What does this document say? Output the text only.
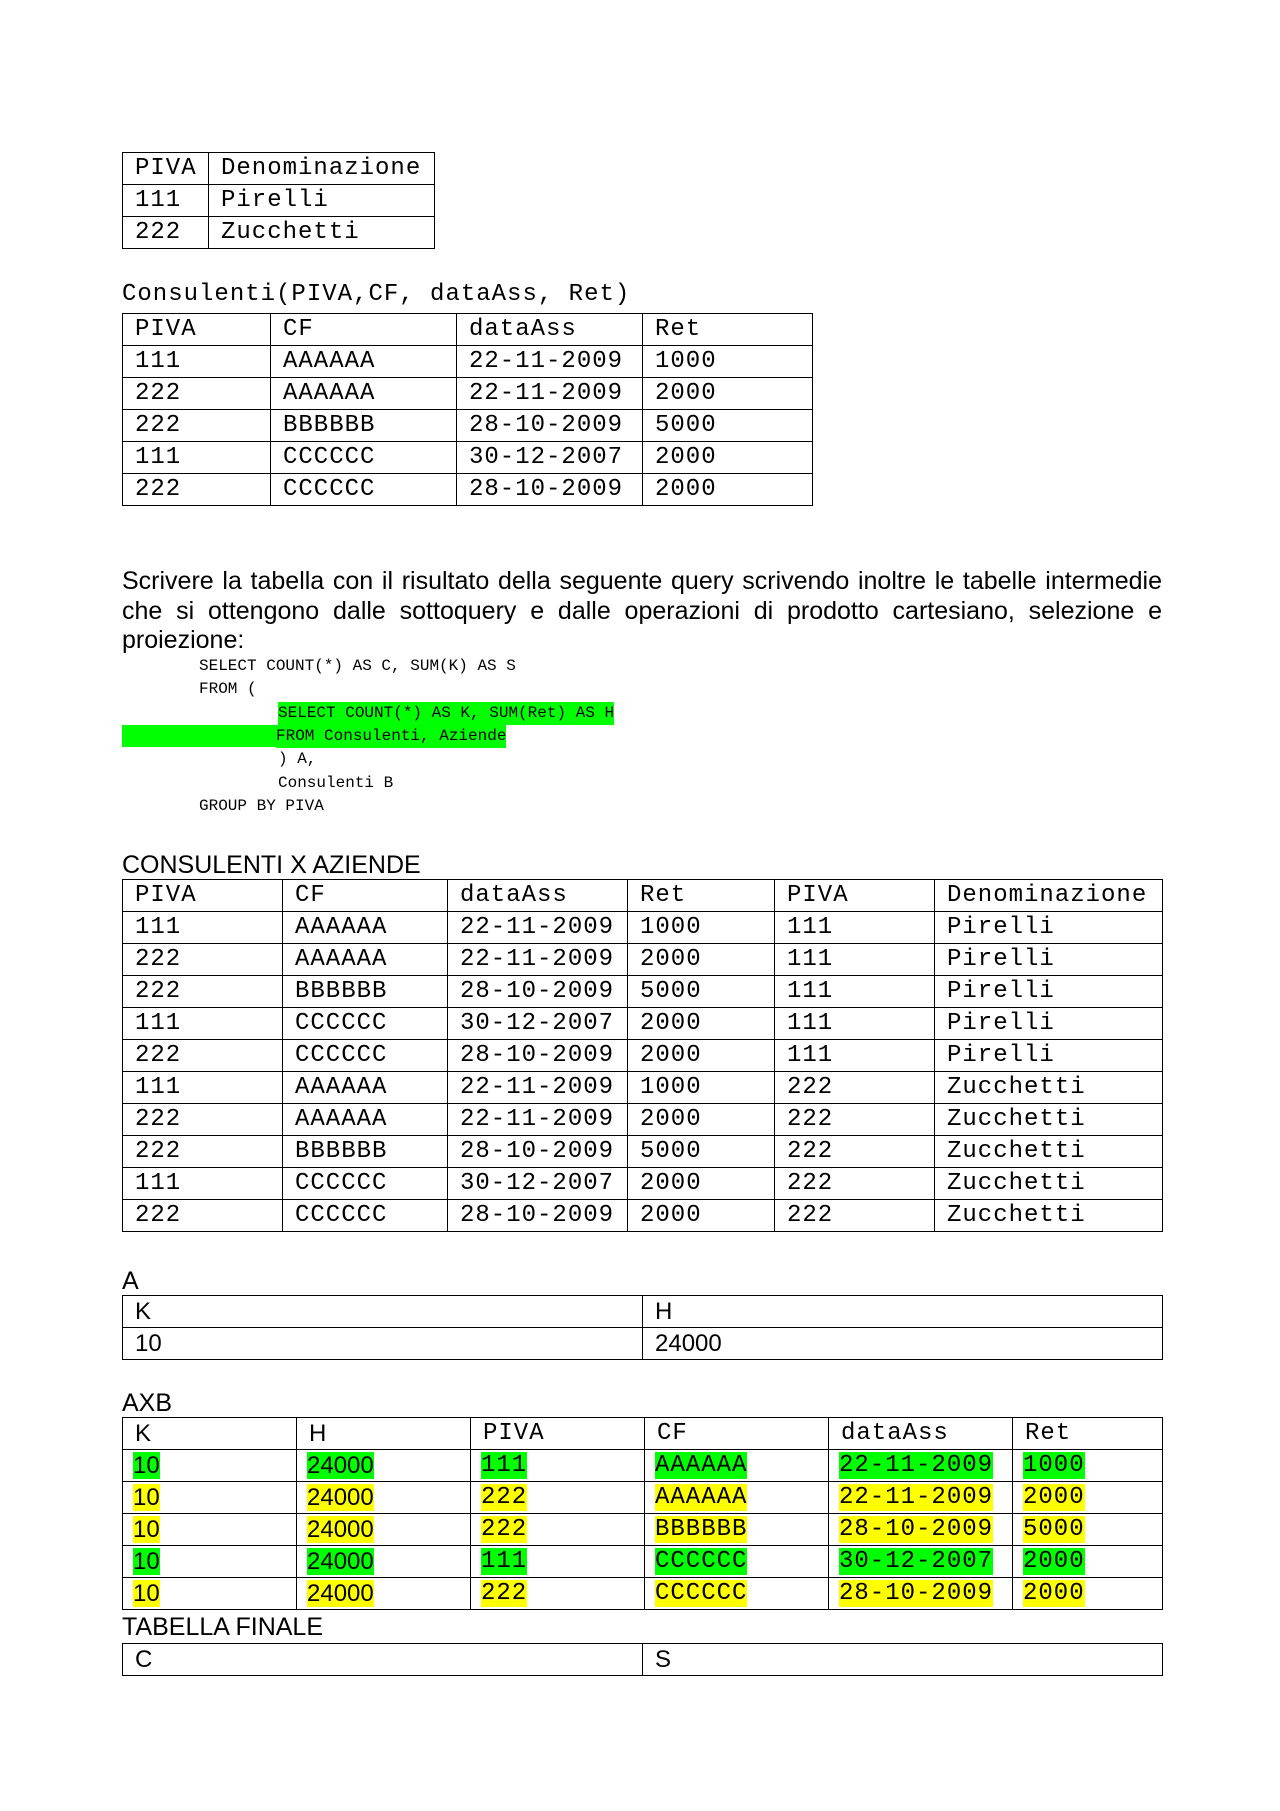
PIVA	Denominazione
111	Pirelli
222	Zucchetti
Consulenti(PIVA,CF, dataAss, Ret)
PIVA	CF	dataAss	Ret
111	AAAAAA	22-11-2009	1000
222	AAAAAA	22-11-2009	2000
222	BBBBBB	28-10-2009	5000
111	CCCCCC	30-12-2007	2000
222	CCCCCC	28-10-2009	2000
Scrivere la tabella con il risultato della seguente query scrivendo inoltre le tabelle intermedie che si ottengono dalle sottoquery e dalle operazioni di prodotto cartesiano, selezione e proiezione:
SELECT COUNT(*) AS C, SUM(K) AS S
FROM (
SELECT COUNT(*) AS K, SUM(Ret) AS H
FROM Consulenti, Aziende
) A,
Consulenti B
GROUP BY PIVA
CONSULENTI X AZIENDE
PIVA	CF	dataAss	Ret	PIVA	Denominazione
111	AAAAAA	22-11-2009	1000	111	Pirelli
222	AAAAAA	22-11-2009	2000	111	Pirelli
222	BBBBBB	28-10-2009	5000	111	Pirelli
111	CCCCCC	30-12-2007	2000	111	Pirelli
222	CCCCCC	28-10-2009	2000	111	Pirelli
111	AAAAAA	22-11-2009	1000	222	Zucchetti
222	AAAAAA	22-11-2009	2000	222	Zucchetti
222	BBBBBB	28-10-2009	5000	222	Zucchetti
111	CCCCCC	30-12-2007	2000	222	Zucchetti
222	CCCCCC	28-10-2009	2000	222	Zucchetti
A
K	H
10	24000
AXB
K	H	PIVA	CF	dataAss	Ret
10	24000	111	AAAAAA	22-11-2009	1000
10	24000	222	AAAAAA	22-11-2009	2000
10	24000	222	BBBBBB	28-10-2009	5000
10	24000	111	CCCCCC	30-12-2007	2000
10	24000	222	CCCCCC	28-10-2009	2000
TABELLA FINALE
C	S
